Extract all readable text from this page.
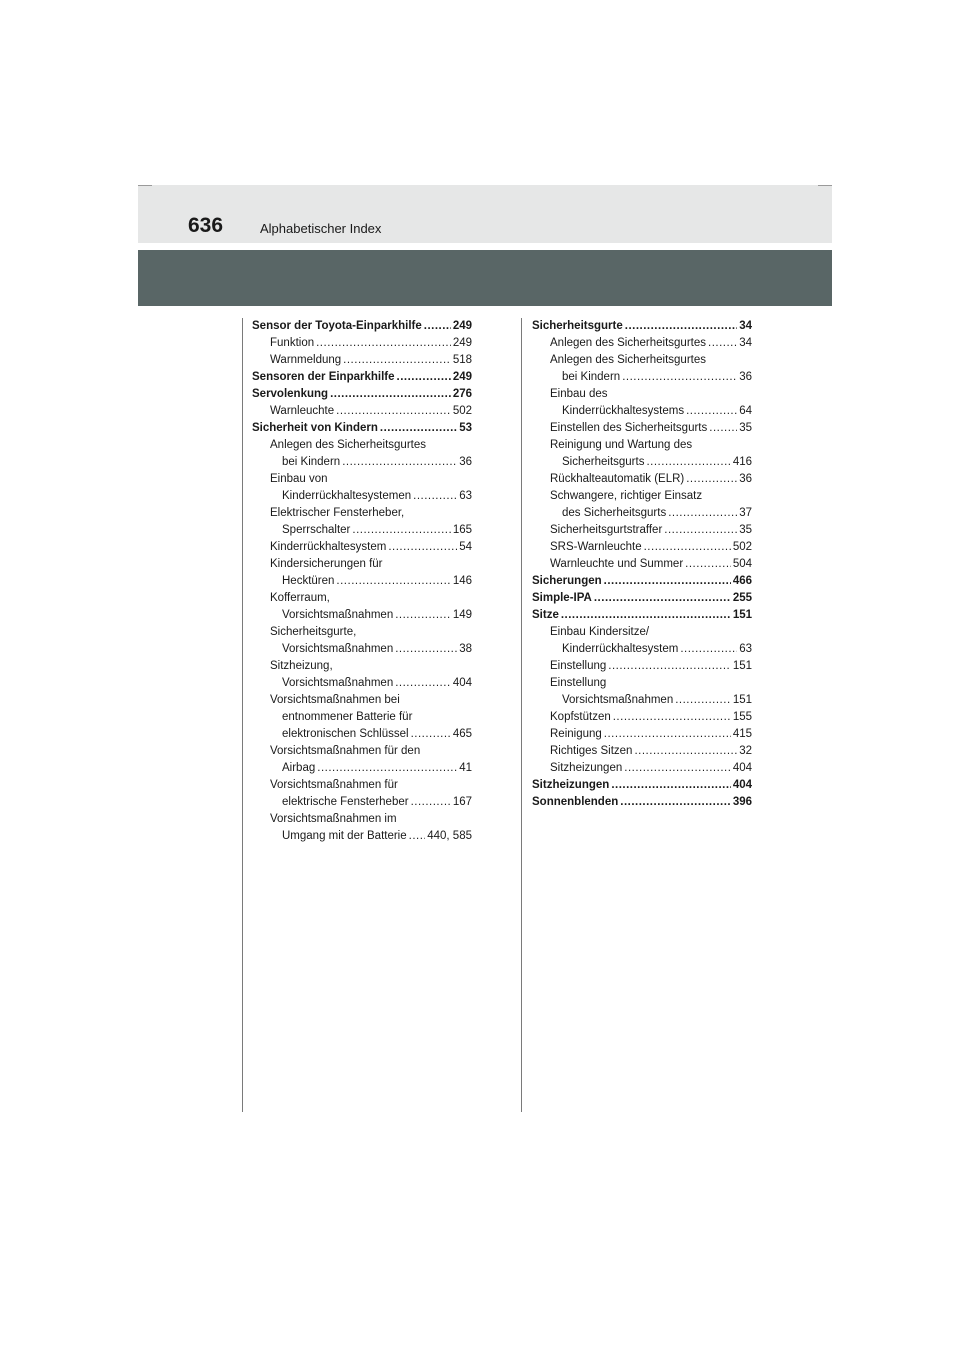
636	Alphabetischer Index
Sensor der Toyota-Einparkhilfe .....	249
Funktion .....	249
Warnmeldung .....	518
Sensoren der Einparkhilfe .....	249
Servolenkung .....	276
Warnleuchte .....	502
Sicherheit von Kindern .....	53
Anlegen des Sicherheitsgurtes
bei Kindern .....	36
Einbau von
Kinderrückhaltesystemen .....	63
Elektrischer Fensterheber,
Sperrschalter .....	165
Kinderrückhaltesystem .....	54
Kindersicherungen für
Hecktüren .....	146
Kofferraum,
Vorsichtsmaßnahmen .....	149
Sicherheitsgurte,
Vorsichtsmaßnahmen .....	38
Sitzheizung,
Vorsichtsmaßnahmen .....	404
Vorsichtsmaßnahmen bei
entnommener Batterie für
elektronischen Schlüssel .....	465
Vorsichtsmaßnahmen für den
Airbag .....	41
Vorsichtsmaßnahmen für
elektrische Fensterheber .....	167
Vorsichtsmaßnahmen im
Umgang mit der Batterie ..... 440, 585
Sicherheitsgurte .....	34
Anlegen des Sicherheitsgurtes .....	34
Anlegen des Sicherheitsgurtes
bei Kindern .....	36
Einbau des
Kinderrückhaltesystems .....	64
Einstellen des Sicherheitsgurts .....	35
Reinigung und Wartung des
Sicherheitsgurts .....	416
Rückhalteautomatik (ELR) .....	36
Schwangere, richtiger Einsatz
des Sicherheitsgurts .....	37
Sicherheitsgurtstraffer .....	35
SRS-Warnleuchte .....	502
Warnleuchte und Summer .....	504
Sicherungen .....	466
Simple-IPA .....	255
Sitze .....	151
Einbau Kindersitze/
Kinderrückhaltesystem .....	63
Einstellung .....	151
Einstellung
Vorsichtsmaßnahmen .....	151
Kopfstützen .....	155
Reinigung .....	415
Richtiges Sitzen .....	32
Sitzheizungen .....	404
Sitzheizungen .....	404
Sonnenblenden .....	396
